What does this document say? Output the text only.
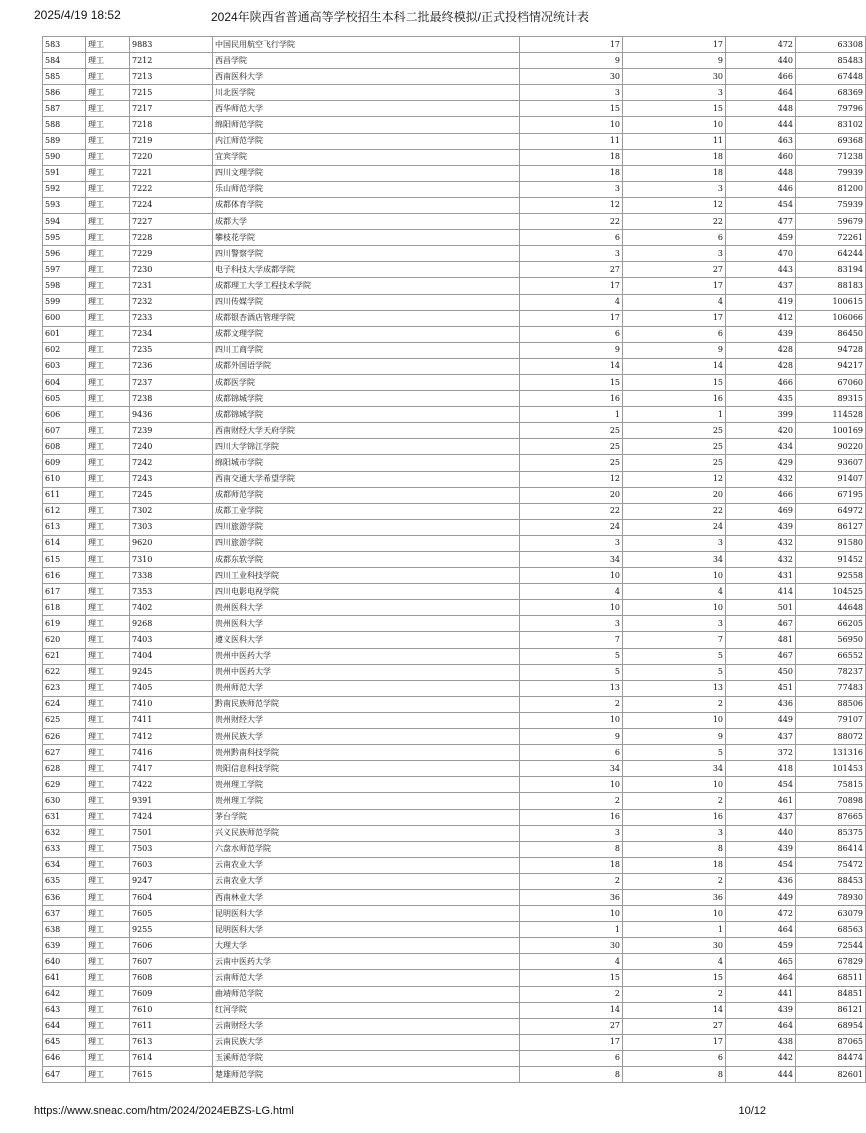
2025/4/19 18:52	2024年陕西省普通高等学校招生本科二批最终模拟/正式投档情况统计表
583	理工	9883	中国民用航空飞行学院	17	17	472	63308
584	理工	7212	西昌学院	9	9	440	85483
585	理工	7213	西南医科大学	30	30	466	67448
586	理工	7215	川北医学院	3	3	464	68369
587	理工	7217	西华师范大学	15	15	448	79796
588	理工	7218	绵阳师范学院	10	10	444	83102
589	理工	7219	内江师范学院	11	11	463	69368
590	理工	7220	宜宾学院	18	18	460	71238
591	理工	7221	四川文理学院	18	18	448	79939
592	理工	7222	乐山师范学院	3	3	446	81200
593	理工	7224	成都体育学院	12	12	454	75939
594	理工	7227	成都大学	22	22	477	59679
595	理工	7228	攀枝花学院	6	6	459	72261
596	理工	7229	四川警察学院	3	3	470	64244
597	理工	7230	电子科技大学成都学院	27	27	443	83194
598	理工	7231	成都理工大学工程技术学院	17	17	437	88183
599	理工	7232	四川传媒学院	4	4	419	100615
600	理工	7233	成都银杏酒店管理学院	17	17	412	106066
601	理工	7234	成都文理学院	6	6	439	86450
602	理工	7235	四川工商学院	9	9	428	94728
603	理工	7236	成都外国语学院	14	14	428	94217
604	理工	7237	成都医学院	15	15	466	67060
605	理工	7238	成都锦城学院	16	16	435	89315
606	理工	9436	成都锦城学院	1	1	399	114528
607	理工	7239	西南财经大学天府学院	25	25	420	100169
608	理工	7240	四川大学锦江学院	25	25	434	90220
609	理工	7242	绵阳城市学院	25	25	429	93607
610	理工	7243	西南交通大学希望学院	12	12	432	91407
611	理工	7245	成都师范学院	20	20	466	67195
612	理工	7302	成都工业学院	22	22	469	64972
613	理工	7303	四川旅游学院	24	24	439	86127
614	理工	9620	四川旅游学院	3	3	432	91580
615	理工	7310	成都东软学院	34	34	432	91452
616	理工	7338	四川工业科技学院	10	10	431	92558
617	理工	7353	四川电影电视学院	4	4	414	104525
618	理工	7402	贵州医科大学	10	10	501	44648
619	理工	9268	贵州医科大学	3	3	467	66205
620	理工	7403	遵义医科大学	7	7	481	56950
621	理工	7404	贵州中医药大学	5	5	467	66552
622	理工	9245	贵州中医药大学	5	5	450	78237
623	理工	7405	贵州师范大学	13	13	451	77483
624	理工	7410	黔南民族师范学院	2	2	436	88506
625	理工	7411	贵州财经大学	10	10	449	79107
626	理工	7412	贵州民族大学	9	9	437	88072
627	理工	7416	贵州黔南科技学院	6	5	372	131316
628	理工	7417	贵阳信息科技学院	34	34	418	101453
629	理工	7422	贵州理工学院	10	10	454	75815
630	理工	9391	贵州理工学院	2	2	461	70898
631	理工	7424	茅台学院	16	16	437	87665
632	理工	7501	兴义民族师范学院	3	3	440	85375
633	理工	7503	六盘水师范学院	8	8	439	86414
634	理工	7603	云南农业大学	18	18	454	75472
635	理工	9247	云南农业大学	2	2	436	88453
636	理工	7604	西南林业大学	36	36	449	78930
637	理工	7605	昆明医科大学	10	10	472	63079
638	理工	9255	昆明医科大学	1	1	464	68563
639	理工	7606	大理大学	30	30	459	72544
640	理工	7607	云南中医药大学	4	4	465	67829
641	理工	7608	云南师范大学	15	15	464	68511
642	理工	7609	曲靖师范学院	2	2	441	84851
643	理工	7610	红河学院	14	14	439	86121
644	理工	7611	云南财经大学	27	27	464	68954
645	理工	7613	云南民族大学	17	17	438	87065
646	理工	7614	玉溪师范学院	6	6	442	84474
647	理工	7615	楚雄师范学院	8	8	444	82601
https://www.sneac.com/htm/2024/2024EBZS-LG.html	10/12
